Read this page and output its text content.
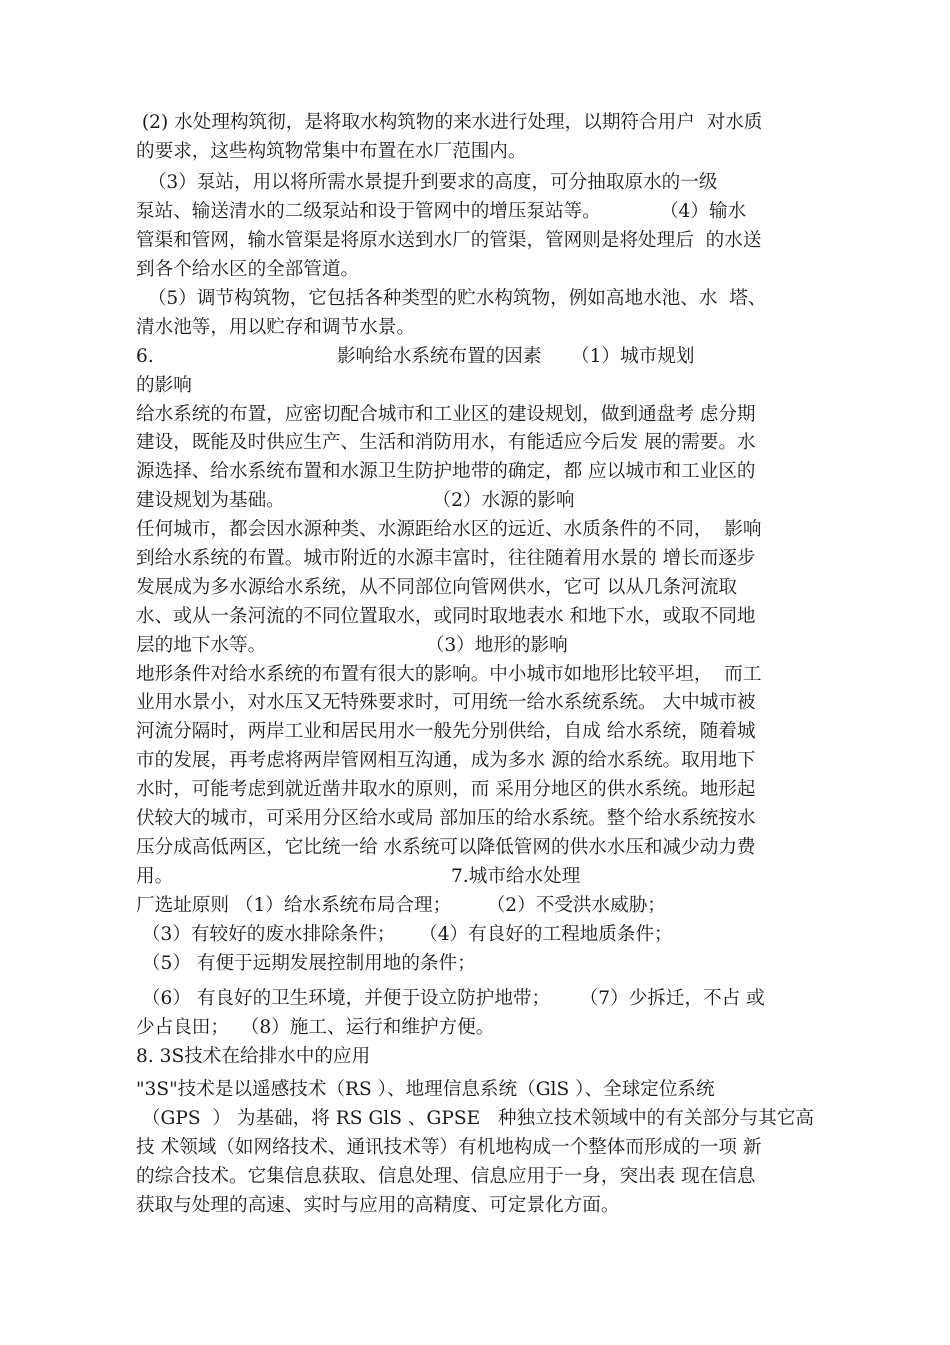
(2) 水处理构筑彻，是将取水构筑物的来水进行处理，以期符合用户  对水质
的要求，这些构筑物常集中布置在水厂范围内。
（3）泵站，用以将所需水景提升到要求的高度，可分抽取原水的一级
泵站、输送清水的二级泵站和设于管网中的增压泵站等。          （4）输水
管渠和管网，输水管渠是将原水送到水厂的管渠，管网则是将处理后  的水送
到各个给水区的全部管道。
（5）调节构筑物，它包括各种类型的贮水构筑物，例如高地水池、水  塔、
清水池等，用以贮存和调节水景。
6.                               影响给水系统布置的因素     （1）城市规划
的影响
给水系统的布置，应密切配合城市和工业区的建设规划，做到通盘考 虑分期
建设，既能及时供应生产、生活和消防用水，有能适应今后发 展的需要。水
源选择、给水系统布置和水源卫生防护地带的确定，都 应以城市和工业区的
建设规划为基础。                         （2）水源的影响
任何城市，都会因水源种类、水源距给水区的远近、水质条件的不同，  影响
到给水系统的布置。城市附近的水源丰富时，往往随着用水景的 增长而逐步
发展成为多水源给水系统，从不同部位向管网供水，它可 以从几条河流取
水、或从一条河流的不同位置取水，或同时取地表水 和地下水，或取不同地
层的地下水等。                           （3）地形的影响
地形条件对给水系统的布置有很大的影响。中小城市如地形比较平坦，  而工
业用水景小，对水压又无特殊要求时，可用统一给水系统系统。 大中城市被
河流分隔时，两岸工业和居民用水一般先分别供给，自成 给水系统，随着城
市的发展，再考虑将两岸管网相互沟通，成为多水 源的给水系统。取用地下
水时，可能考虑到就近凿井取水的原则，而 采用分地区的供水系统。地形起
伏较大的城市，可采用分区给水或局 部加压的给水系统。整个给水系统按水
压分成高低两区，它比统一给 水系统可以降低管网的供水水压和减少动力费
用。                                               7.城市给水处理
厂选址原则 （1）给水系统布局合理；      （2）不受洪水威胁；
（3）有较好的废水排除条件；    （4）有良好的工程地质条件；
（5） 有便于远期发展控制用地的条件；
（6） 有良好的卫生环境，并便于设立防护地带；     （7）少拆迁，不占 或
少占良田；  （8）施工、运行和维护方便。
8. 3S技术在给排水中的应用
"3S"技术是以遥感技术（RS ）、地理信息系统（GlS ）、全球定位系统
（GPS  ） 为基础，将 RS GlS 、GPSE   种独立技术领域中的有关部分与其它高
技 术领域（如网络技术、通讯技术等）有机地构成一个整体而形成的一项 新
的综合技术。它集信息获取、信息处理、信息应用于一身，突出表 现在信息
获取与处理的高速、实时与应用的高精度、可定景化方面。
